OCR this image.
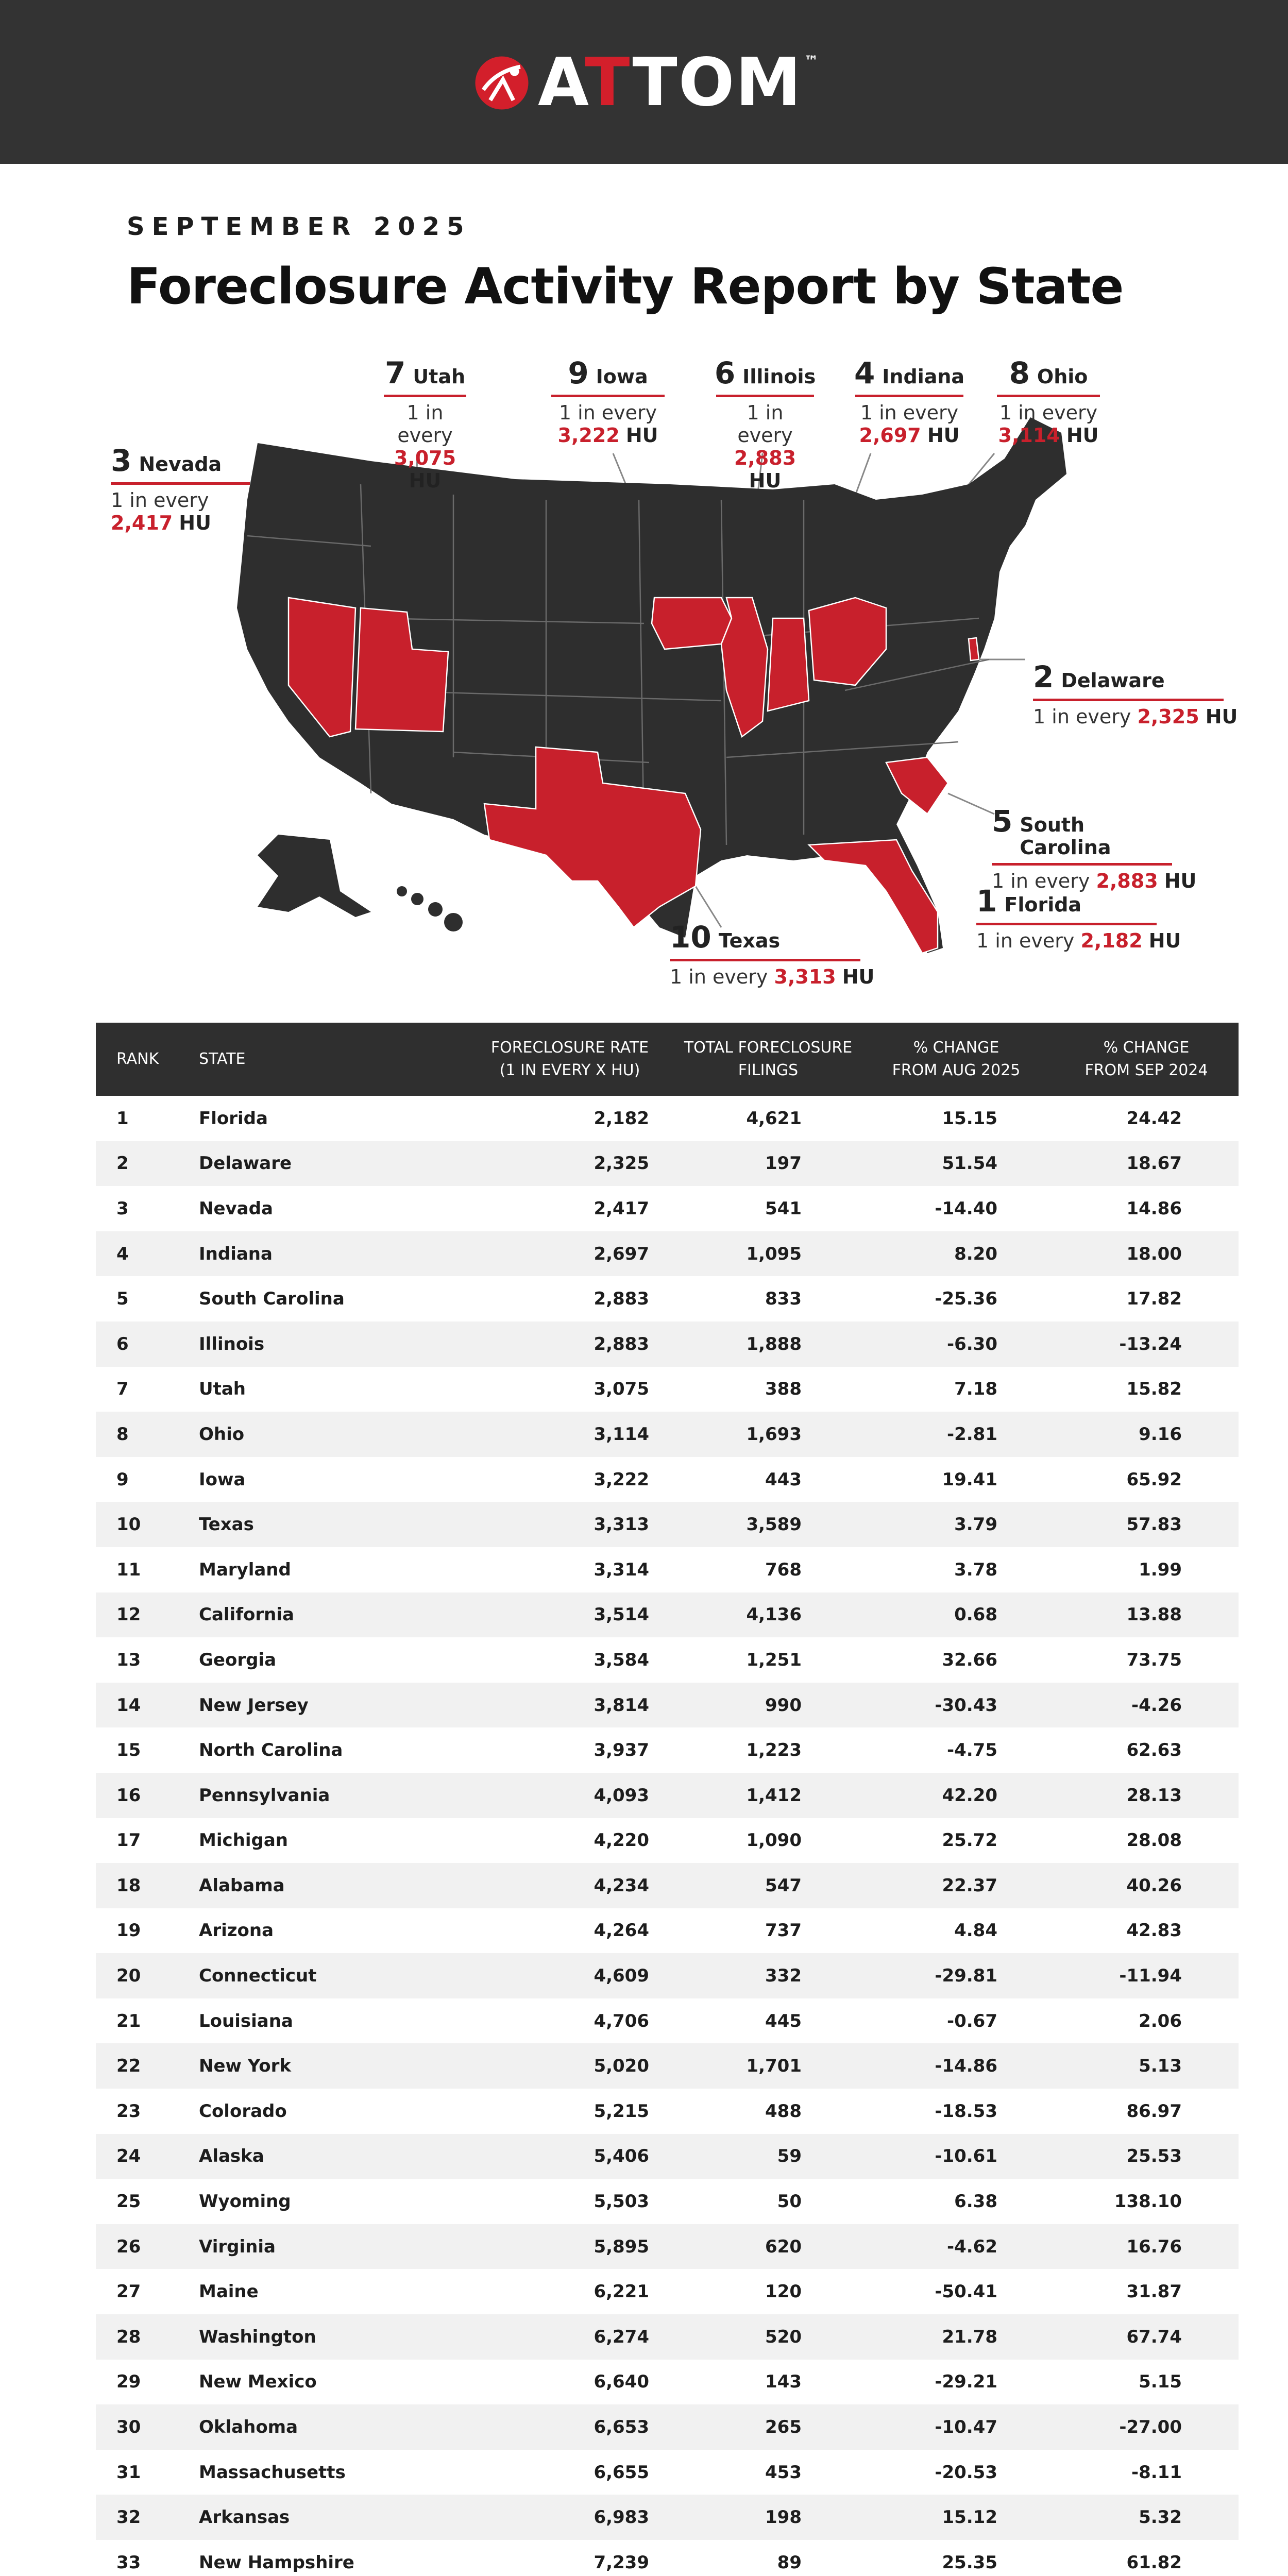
ATTOM ™
SEPTEMBER 2025
Foreclosure Activity Report by State
7 Utah
1 in every
3,075 HU
9 Iowa
1 in every
3,222 HU
6 Illinois
1 in every
2,883 HU
4 Indiana
1 in every
2,697 HU
8 Ohio
1 in every
3,114 HU
3 Nevada
1 in every
2,417 HU
2 Delaware
1 in every 2,325 HU
5 South Carolina
1 in every 2,883 HU
1 Florida
1 in every 2,182 HU
10 Texas
1 in every 3,313 HU
RANK	STATE
FORECLOSURE RATE
(1 IN EVERY X HU)
TOTAL FORECLOSURE
FILINGS
% CHANGE
FROM AUG 2025
% CHANGE
FROM SEP 2024
1	Florida	2,182	4,621	15.15	24.42
2	Delaware	2,325	197	51.54	18.67
3	Nevada	2,417	541	-14.40	14.86
4	Indiana	2,697	1,095	8.20	18.00
5	South Carolina	2,883	833	-25.36	17.82
6	Illinois	2,883	1,888	-6.30	-13.24
7	Utah	3,075	388	7.18	15.82
8	Ohio	3,114	1,693	-2.81	9.16
9	Iowa	3,222	443	19.41	65.92
10	Texas	3,313	3,589	3.79	57.83
11	Maryland	3,314	768	3.78	1.99
12	California	3,514	4,136	0.68	13.88
13	Georgia	3,584	1,251	32.66	73.75
14	New Jersey	3,814	990	-30.43	-4.26
15	North Carolina	3,937	1,223	-4.75	62.63
16	Pennsylvania	4,093	1,412	42.20	28.13
17	Michigan	4,220	1,090	25.72	28.08
18	Alabama	4,234	547	22.37	40.26
19	Arizona	4,264	737	4.84	42.83
20	Connecticut	4,609	332	-29.81	-11.94
21	Louisiana	4,706	445	-0.67	2.06
22	New York	5,020	1,701	-14.86	5.13
23	Colorado	5,215	488	-18.53	86.97
24	Alaska	5,406	59	-10.61	25.53
25	Wyoming	5,503	50	6.38	138.10
26	Virginia	5,895	620	-4.62	16.76
27	Maine	6,221	120	-50.41	31.87
28	Washington	6,274	520	21.78	67.74
29	New Mexico	6,640	143	-29.21	5.15
30	Oklahoma	6,653	265	-10.47	-27.00
31	Massachusetts	6,655	453	-20.53	-8.11
32	Arkansas	6,983	198	15.12	5.32
33	New Hampshire	7,239	89	25.35	61.82
